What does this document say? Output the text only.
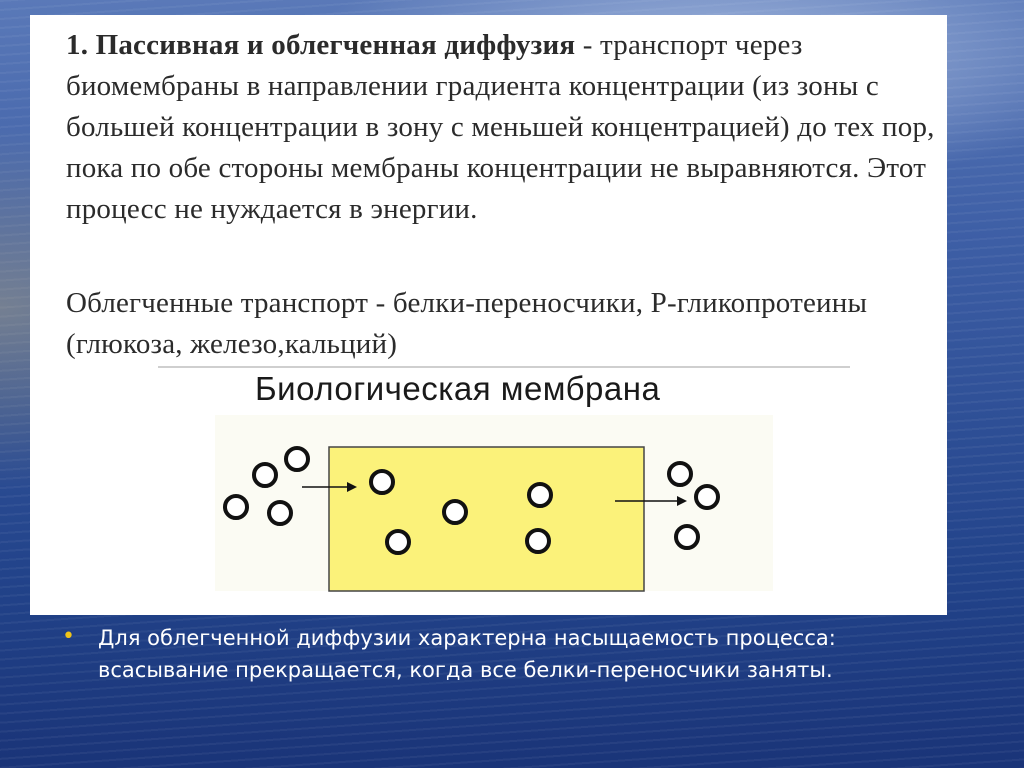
1. Пассивная и облегченная диффузия - транспорт через биомембраны в направлении градиента концентрации (из зоны с большей концентрации в зону с меньшей концентрацией) до тех пор, пока по обе стороны мембраны концентрации не выравняются. Этот процесс не нуждается в энергии.

Облегченные транспорт - белки-переносчики, Р-гликопротеины (глюкоза, железо,кальций)

Биологическая мембрана
• Для облегченной диффузии характерна насыщаемость процесса: всасывание прекращается, когда все белки-переносчики заняты.
